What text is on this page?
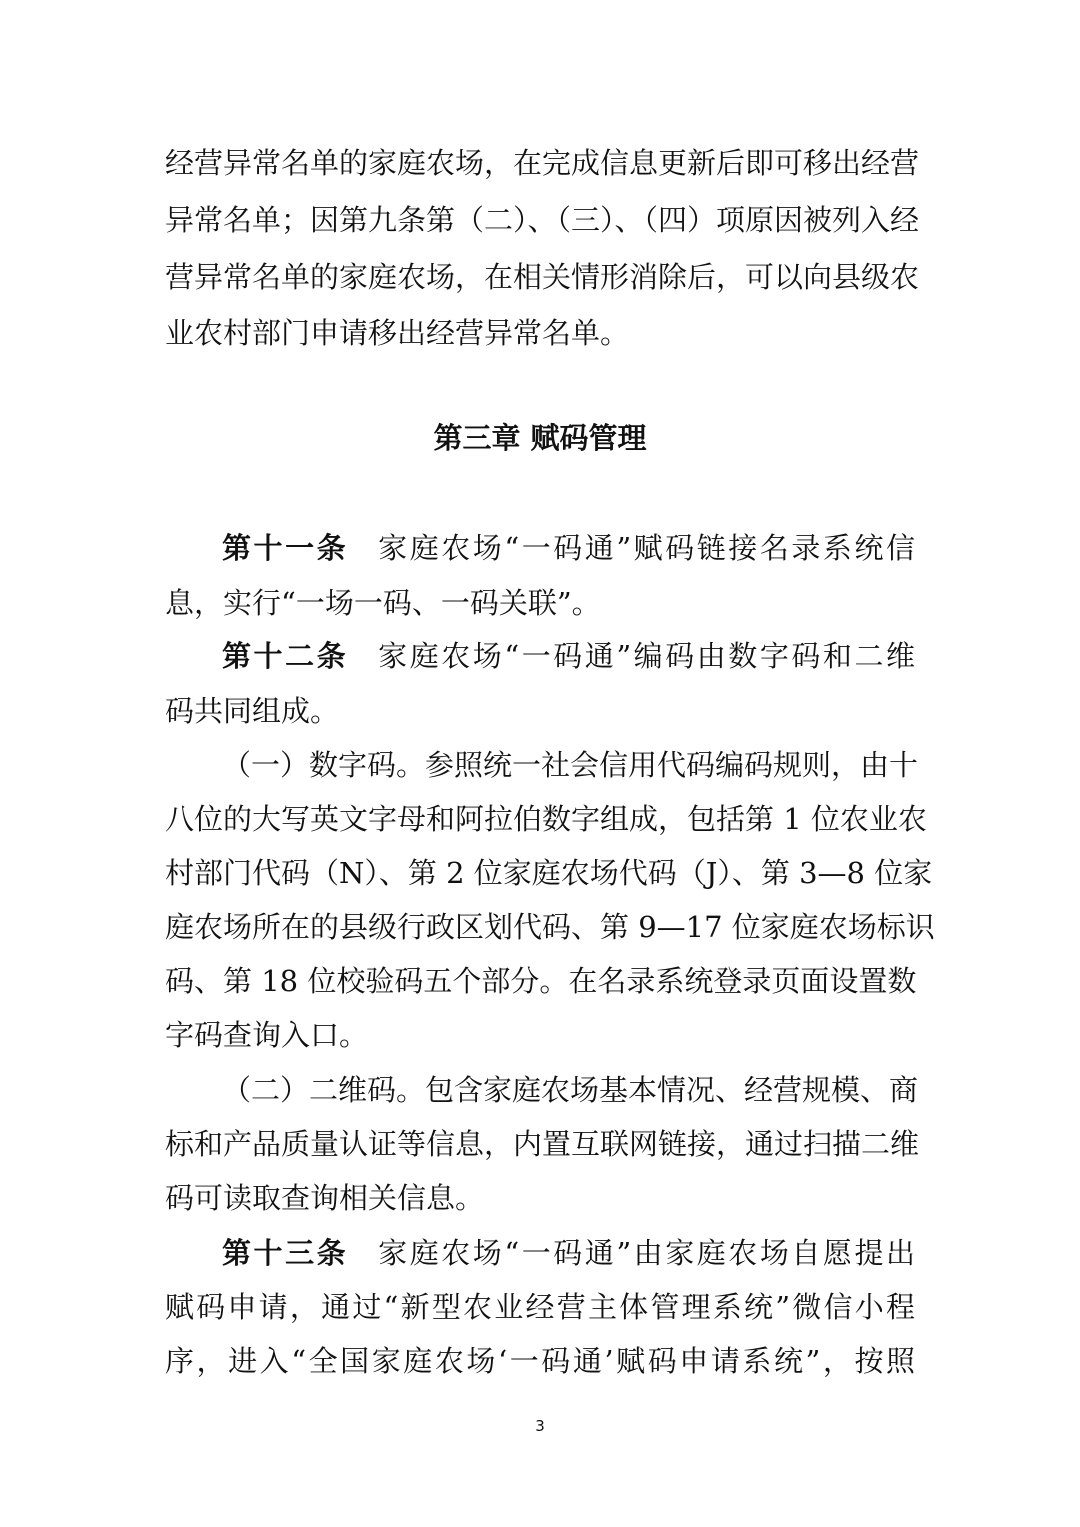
经营异常名单的家庭农场，在完成信息更新后即可移出经营
异常名单；因第九条第（二）、（三）、（四）项原因被列入经
营异常名单的家庭农场，在相关情形消除后，可以向县级农
业农村部门申请移出经营异常名单。
第三章 赋码管理
第十一条 家庭农场“一码通”赋码链接名录系统信
息，实行“一场一码、一码关联”。
第十二条 家庭农场“一码通”编码由数字码和二维
码共同组成。
（一）数字码。参照统一社会信用代码编码规则，由十
八位的大写英文字母和阿拉伯数字组成，包括第 1 位农业农
村部门代码（N）、第 2 位家庭农场代码（J）、第 3—8 位家
庭农场所在的县级行政区划代码、第 9—17 位家庭农场标识
码、第 18 位校验码五个部分。在名录系统登录页面设置数
字码查询入口。
（二）二维码。包含家庭农场基本情况、经营规模、商
标和产品质量认证等信息，内置互联网链接，通过扫描二维
码可读取查询相关信息。
第十三条 家庭农场“一码通”由家庭农场自愿提出
赋码申请，通过“新型农业经营主体管理系统”微信小程
序，进入“全国家庭农场‘一码通’赋码申请系统”，按照
3
